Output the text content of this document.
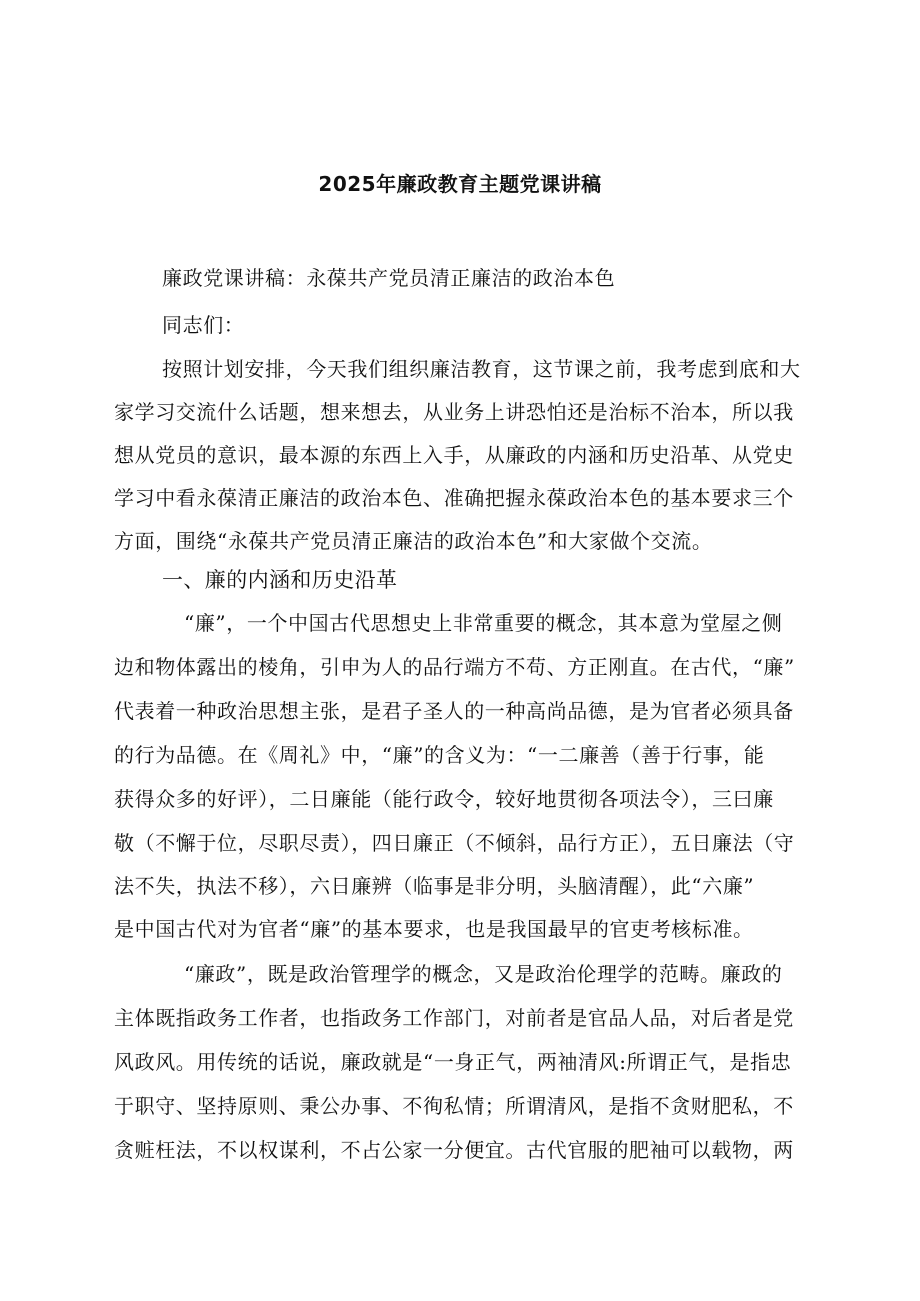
2025年廉政教育主题党课讲稿
廉政党课讲稿：永葆共产党员清正廉洁的政治本色
同志们：
按照计划安排，今天我们组织廉洁教育，这节课之前，我考虑到底和大
家学习交流什么话题，想来想去，从业务上讲恐怕还是治标不治本，所以我
想从党员的意识，最本源的东西上入手，从廉政的内涵和历史沿革、从党史
学习中看永葆清正廉洁的政治本色、准确把握永葆政治本色的基本要求三个
方面，围绕“永葆共产党员清正廉洁的政治本色”和大家做个交流。
一、廉的内涵和历史沿革
“廉”，一个中国古代思想史上非常重要的概念，其本意为堂屋之侧
边和物体露出的棱角，引申为人的品行端方不苟、方正刚直。在古代，“廉”
代表着一种政治思想主张，是君子圣人的一种高尚品德，是为官者必须具备
的行为品德。在《周礼》中，“廉”的含义为：“一二廉善（善于行事，能
获得众多的好评），二日廉能（能行政令，较好地贯彻各项法令），三曰廉
敬（不懈于位，尽职尽责），四日廉正（不倾斜，品行方正），五日廉法（守
法不失，执法不移），六日廉辨（临事是非分明，头脑清醒），此“六廉”
是中国古代对为官者“廉”的基本要求，也是我国最早的官吏考核标准。
“廉政”，既是政治管理学的概念，又是政治伦理学的范畴。廉政的
主体既指政务工作者，也指政务工作部门，对前者是官品人品，对后者是党
风政风。用传统的话说，廉政就是“一身正气，两袖清风:所谓正气，是指忠
于职守、坚持原则、秉公办事、不徇私情；所谓清风，是指不贪财肥私，不
贪赃枉法，不以权谋利，不占公家一分便宜。古代官服的肥袖可以载物，两
